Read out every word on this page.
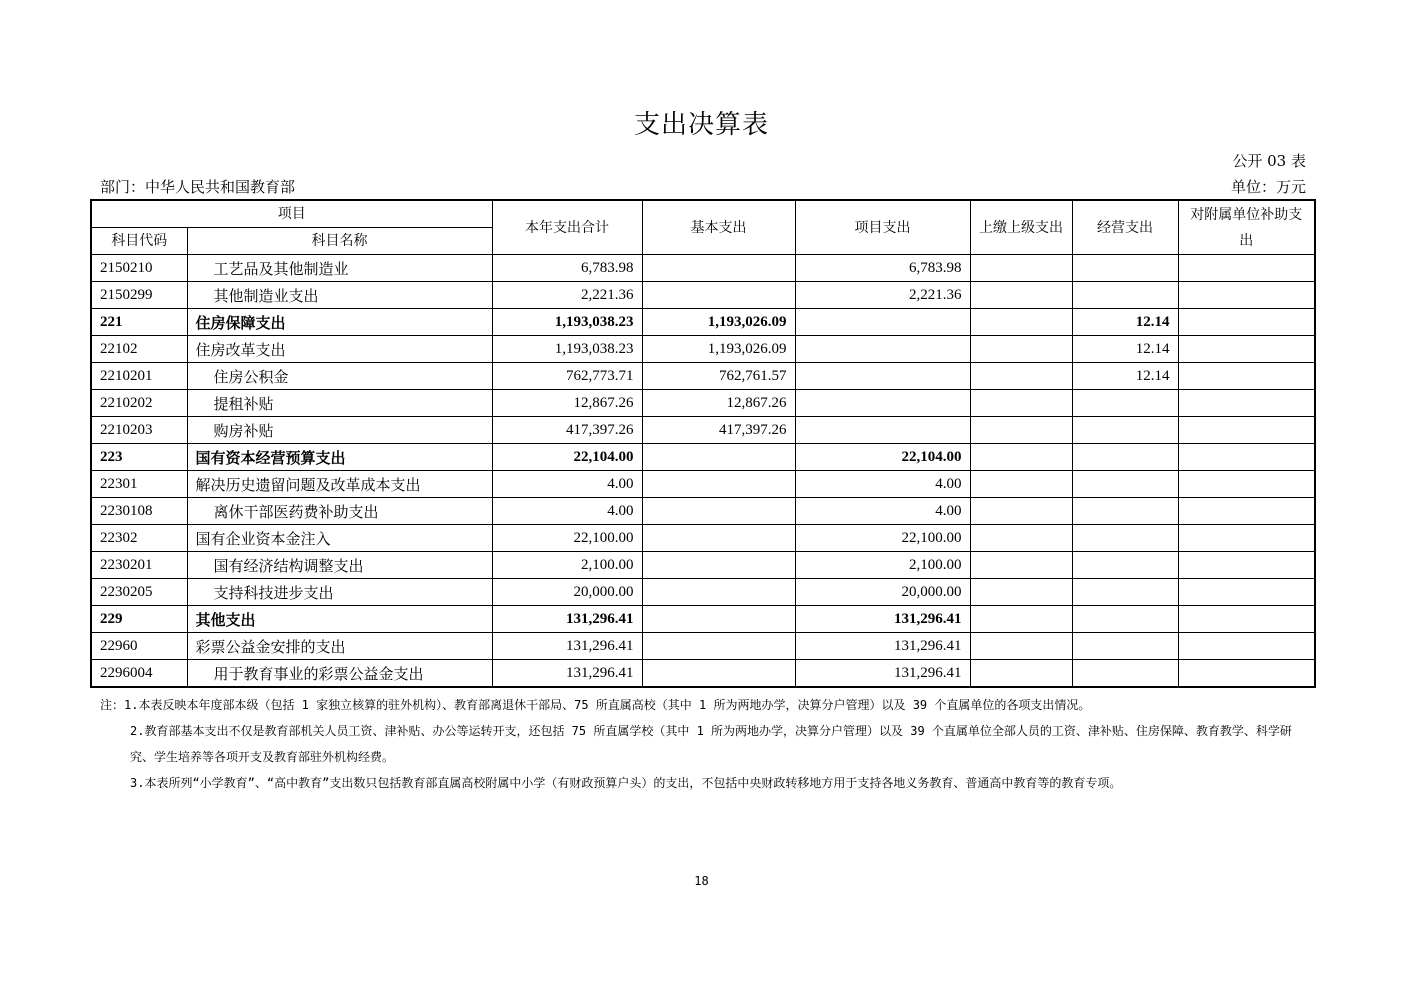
支出决算表
公开 03 表
部门：中华人民共和国教育部	单位：万元
项目		本年支出合计	基本支出	项目支出	上缴上级支出	经营支出	对附属单位补助支出
科目代码	科目名称						
2150210	工艺品及其他制造业	6,783.98		6,783.98			
2150299	其他制造业支出	2,221.36		2,221.36			
221	住房保障支出	1,193,038.23	1,193,026.09			12.14	
22102	住房改革支出	1,193,038.23	1,193,026.09			12.14	
2210201	住房公积金	762,773.71	762,761.57			12.14	
2210202	提租补贴	12,867.26	12,867.26				
2210203	购房补贴	417,397.26	417,397.26				
223	国有资本经营预算支出	22,104.00		22,104.00			
22301	解决历史遗留问题及改革成本支出	4.00		4.00			
2230108	离休干部医药费补助支出	4.00		4.00			
22302	国有企业资本金注入	22,100.00		22,100.00			
2230201	国有经济结构调整支出	2,100.00		2,100.00			
2230205	支持科技进步支出	20,000.00		20,000.00			
229	其他支出	131,296.41		131,296.41			
22960	彩票公益金安排的支出	131,296.41		131,296.41			
2296004	用于教育事业的彩票公益金支出	131,296.41		131,296.41			

注：1.本表反映本年度部本级（包括 1 家独立核算的驻外机构）、教育部离退休干部局、75 所直属高校（其中 1 所为两地办学，决算分户管理）以及 39 个直属单位的各项支出情况。

2.教育部基本支出不仅是教育部机关人员工资、津补贴、办公等运转开支，还包括 75 所直属学校（其中 1 所为两地办学，决算分户管理）以及 39 个直属单位全部人员的工资、津补贴、住房保障、教育教学、科学研究、学生培养等各项开支及教育部驻外机构经费。

3.本表所列“小学教育”、“高中教育”支出数只包括教育部直属高校附属中小学（有财政预算户头）的支出，不包括中央财政转移地方用于支持各地义务教育、普通高中教育等的教育专项。

18
